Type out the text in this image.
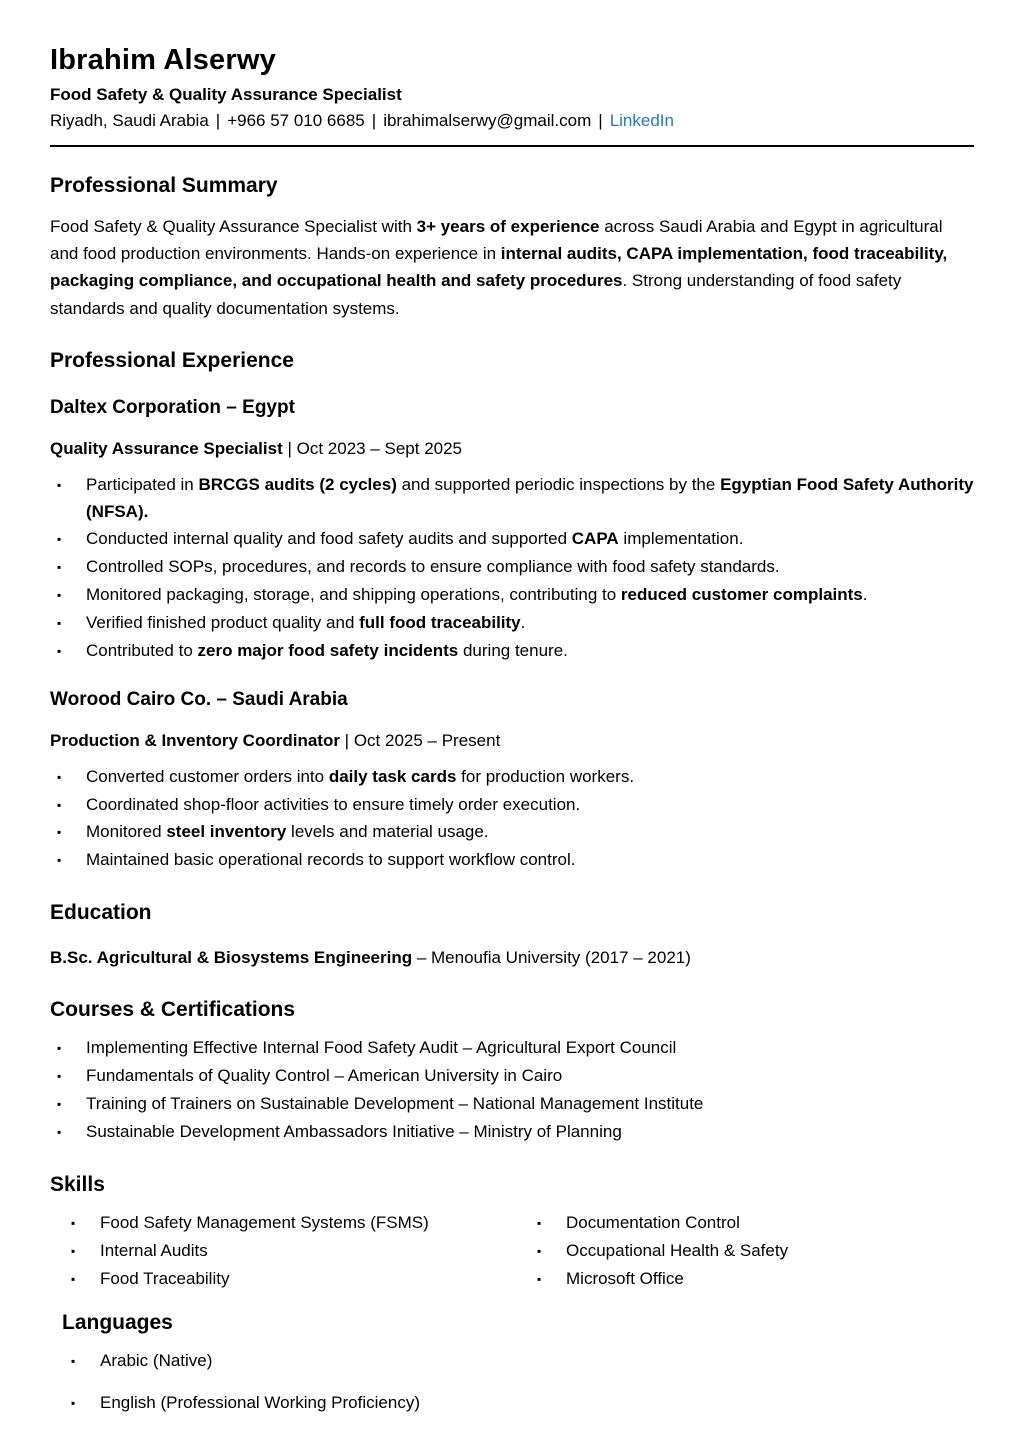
Ibrahim Alserwy
Food Safety & Quality Assurance Specialist
Riyadh, Saudi Arabia | +966 57 010 6685 | ibrahimalserwy@gmail.com | LinkedIn
Professional Summary

Food Safety & Quality Assurance Specialist with 3+ years of experience across Saudi Arabia and Egypt in agricultural and food production environments. Hands-on experience in internal audits, CAPA implementation, food traceability, packaging compliance, and occupational health and safety procedures. Strong understanding of food safety standards and quality documentation systems.

Professional Experience
Daltex Corporation – Egypt
Quality Assurance Specialist | Oct 2023 – Sept 2025
▪ Participated in BRCGS audits (2 cycles) and supported periodic inspections by the Egyptian Food Safety Authority (NFSA).
▪ Conducted internal quality and food safety audits and supported CAPA implementation.
▪ Controlled SOPs, procedures, and records to ensure compliance with food safety standards.
▪ Monitored packaging, storage, and shipping operations, contributing to reduced customer complaints.
▪ Verified finished product quality and full food traceability.
▪ Contributed to zero major food safety incidents during tenure.
Worood Cairo Co. – Saudi Arabia
Production & Inventory Coordinator | Oct 2025 – Present
▪ Converted customer orders into daily task cards for production workers.
▪ Coordinated shop-floor activities to ensure timely order execution.
▪ Monitored steel inventory levels and material usage.
▪ Maintained basic operational records to support workflow control.
Education
B.Sc. Agricultural & Biosystems Engineering – Menoufia University (2017 – 2021)
Courses & Certifications
▪ Implementing Effective Internal Food Safety Audit – Agricultural Export Council
▪ Fundamentals of Quality Control – American University in Cairo
▪ Training of Trainers on Sustainable Development – National Management Institute
▪ Sustainable Development Ambassadors Initiative – Ministry of Planning
Skills
▪ Food Safety Management Systems (FSMS)
▪ Internal Audits
▪ Food Traceability
▪ Documentation Control
▪ Occupational Health & Safety
▪ Microsoft Office
Languages
▪ Arabic (Native)
▪ English (Professional Working Proficiency)
